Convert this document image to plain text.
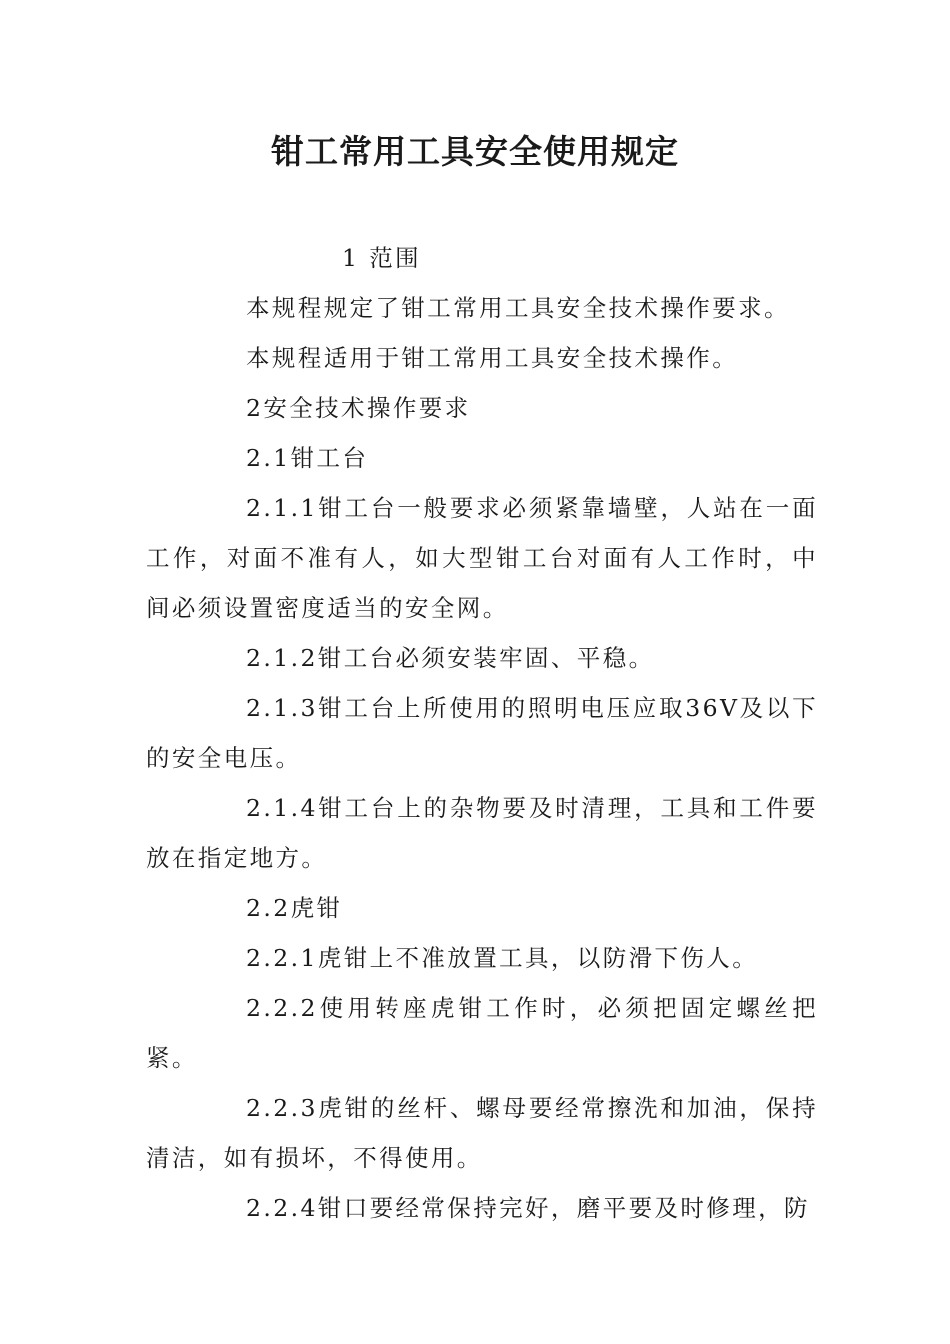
钳工常用工具安全使用规定

1 范围

本规程规定了钳工常用工具安全技术操作要求。

本规程适用于钳工常用工具安全技术操作。

2安全技术操作要求

2.1钳工台

2.1.1钳工台一般要求必须紧靠墙壁，人站在一面工作，对面不准有人，如大型钳工台对面有人工作时，中间必须设置密度适当的安全网。

2.1.2钳工台必须安装牢固、平稳。

2.1.3钳工台上所使用的照明电压应取36V及以下的安全电压。

2.1.4钳工台上的杂物要及时清理，工具和工件要放在指定地方。

2.2虎钳

2.2.1虎钳上不准放置工具，以防滑下伤人。

2.2.2使用转座虎钳工作时，必须把固定螺丝把紧。

2.2.3虎钳的丝杆、螺母要经常擦洗和加油，保持清洁，如有损坏，不得使用。

2.2.4钳口要经常保持完好，磨平要及时修理，防
